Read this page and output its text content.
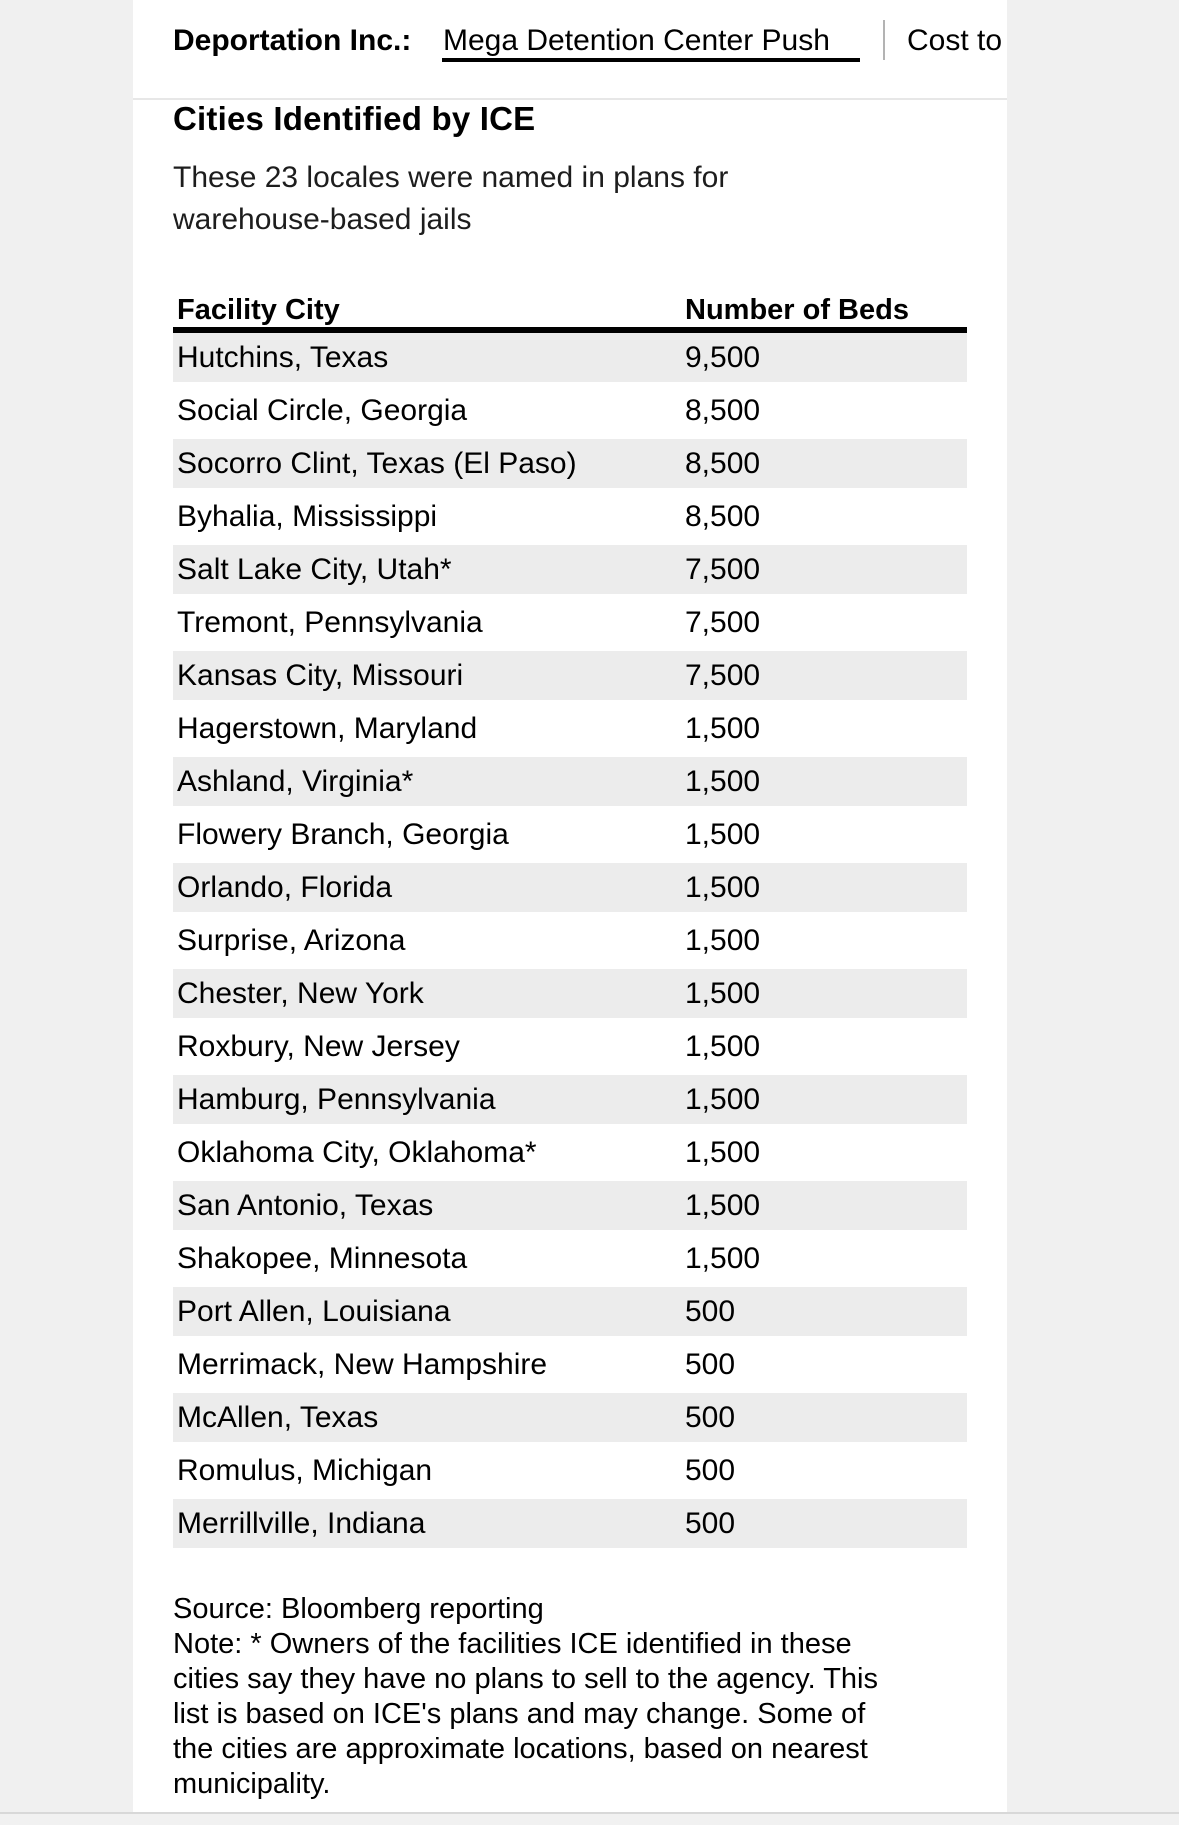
Deportation Inc.: Mega Detention Center Push	Cost to
Cities Identified by ICE
These 23 locales were named in plans for
warehouse-based jails
Facility City	Number of Beds
Hutchins, Texas	9,500
Social Circle, Georgia	8,500
Socorro Clint, Texas (El Paso)	8,500
Byhalia, Mississippi	8,500
Salt Lake City, Utah*	7,500
Tremont, Pennsylvania	7,500
Kansas City, Missouri	7,500
Hagerstown, Maryland	1,500
Ashland, Virginia*	1,500
Flowery Branch, Georgia	1,500
Orlando, Florida	1,500
Surprise, Arizona	1,500
Chester, New York	1,500
Roxbury, New Jersey	1,500
Hamburg, Pennsylvania	1,500
Oklahoma City, Oklahoma*	1,500
San Antonio, Texas	1,500
Shakopee, Minnesota	1,500
Port Allen, Louisiana	500
Merrimack, New Hampshire	500
McAllen, Texas	500
Romulus, Michigan	500
Merrillville, Indiana	500
Source: Bloomberg reporting
Note: * Owners of the facilities ICE identified in these
cities say they have no plans to sell to the agency. This
list is based on ICE's plans and may change. Some of
the cities are approximate locations, based on nearest
municipality.
